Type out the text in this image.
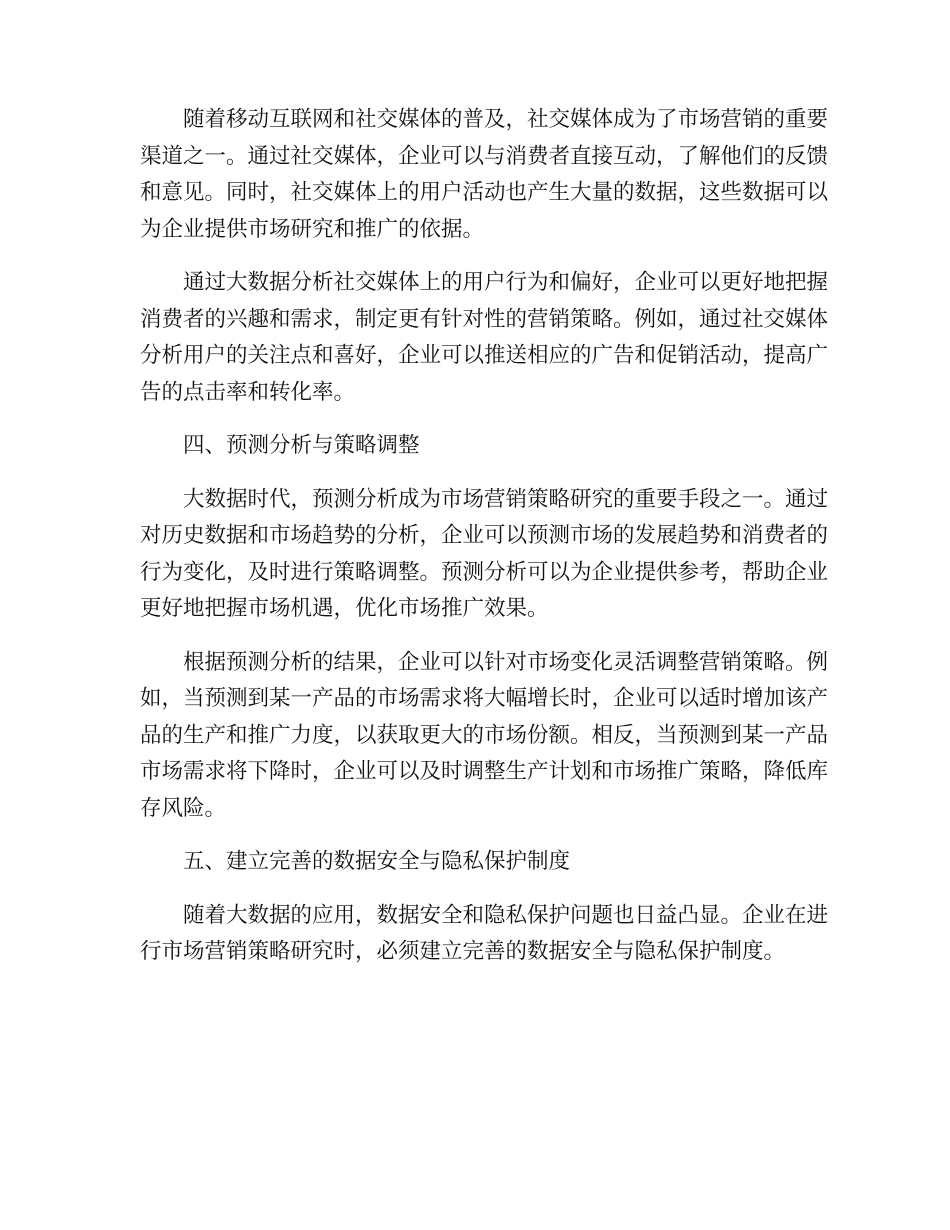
随着移动互联网和社交媒体的普及，社交媒体成为了市场营销的重要渠道之一。通过社交媒体，企业可以与消费者直接互动，了解他们的反馈和意见。同时，社交媒体上的用户活动也产生大量的数据，这些数据可以为企业提供市场研究和推广的依据。

通过大数据分析社交媒体上的用户行为和偏好，企业可以更好地把握消费者的兴趣和需求，制定更有针对性的营销策略。例如，通过社交媒体分析用户的关注点和喜好，企业可以推送相应的广告和促销活动，提高广告的点击率和转化率。

四、预测分析与策略调整

大数据时代，预测分析成为市场营销策略研究的重要手段之一。通过对历史数据和市场趋势的分析，企业可以预测市场的发展趋势和消费者的行为变化，及时进行策略调整。预测分析可以为企业提供参考，帮助企业更好地把握市场机遇，优化市场推广效果。

根据预测分析的结果，企业可以针对市场变化灵活调整营销策略。例如，当预测到某一产品的市场需求将大幅增长时，企业可以适时增加该产品的生产和推广力度，以获取更大的市场份额。相反，当预测到某一产品市场需求将下降时，企业可以及时调整生产计划和市场推广策略，降低库存风险。

五、建立完善的数据安全与隐私保护制度

随着大数据的应用，数据安全和隐私保护问题也日益凸显。企业在进行市场营销策略研究时，必须建立完善的数据安全与隐私保护制度。
